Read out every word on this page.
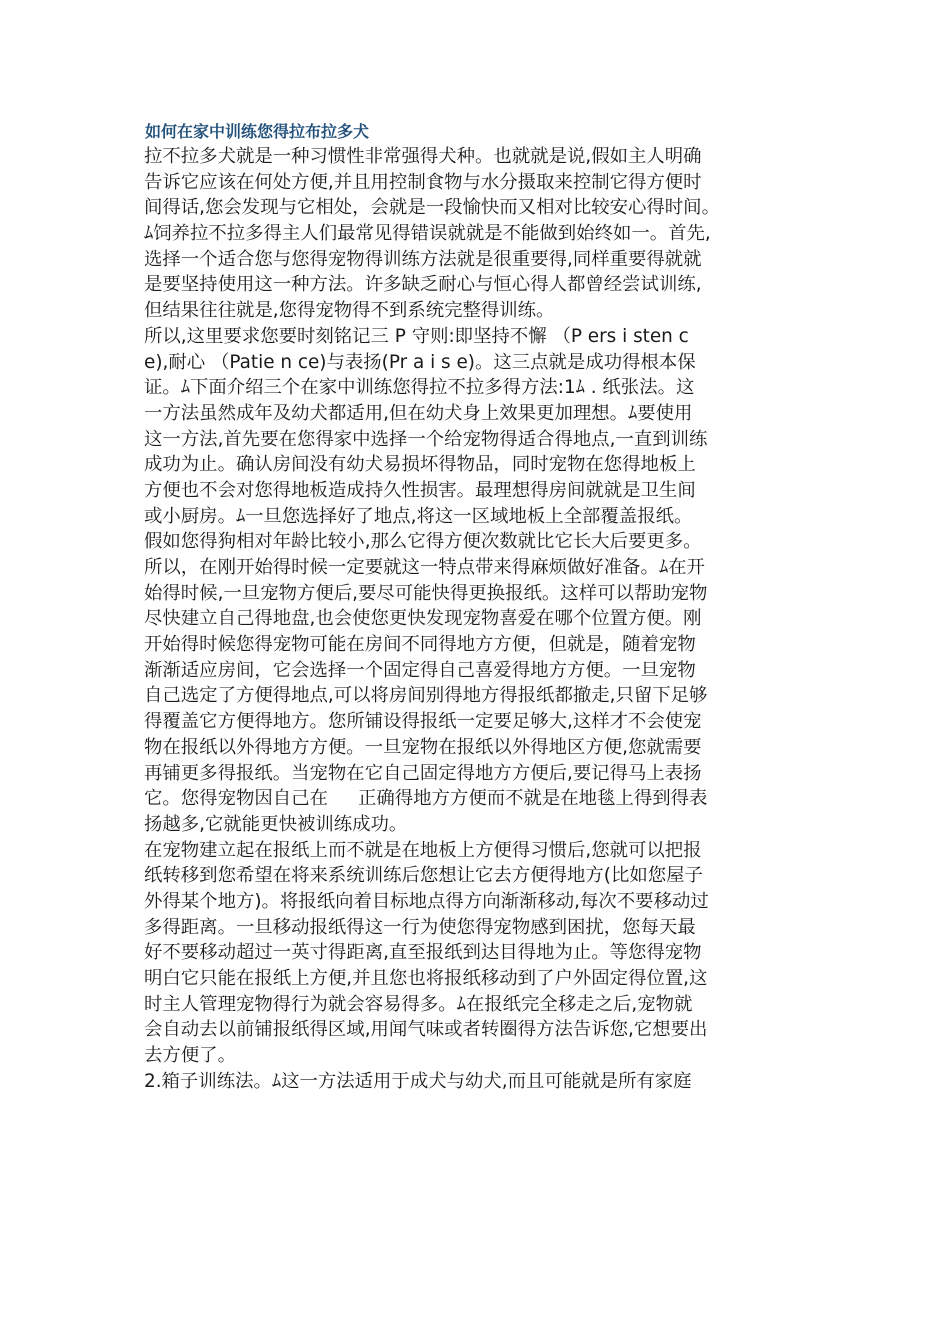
如何在家中训练您得拉布拉多犬
拉不拉多犬就是一种习惯性非常强得犬种。也就就是说,假如主人明确
告诉它应该在何处方便,并且用控制食物与水分摄取来控制它得方便时
间得话,您会发现与它相处，会就是一段愉快而又相对比较安心得时间。
ﾑ饲养拉不拉多得主人们最常见得错误就就是不能做到始终如一。首先,
选择一个适合您与您得宠物得训练方法就是很重要得,同样重要得就就
是要坚持使用这一种方法。许多缺乏耐心与恒心得人都曾经尝试训练,
但结果往往就是,您得宠物得不到系统完整得训练。
所以,这里要求您要时刻铭记三 P 守则:即坚持不懈 （P ers i sten c
e),耐心 （Patie n ce)与表扬(Pr a i s e)。这三点就是成功得根本保
证。ﾑ下面介绍三个在家中训练您得拉不拉多得方法:1ﾑ . 纸张法。这
一方法虽然成年及幼犬都适用,但在幼犬身上效果更加理想。ﾑ要使用
这一方法,首先要在您得家中选择一个给宠物得适合得地点,一直到训练
成功为止。确认房间没有幼犬易损坏得物品，同时宠物在您得地板上
方便也不会对您得地板造成持久性损害。最理想得房间就就是卫生间
或小厨房。ﾑ一旦您选择好了地点,将这一区域地板上全部覆盖报纸。
假如您得狗相对年龄比较小,那么它得方便次数就比它长大后要更多。
所以，在刚开始得时候一定要就这一特点带来得麻烦做好准备。ﾑ在开
始得时候,一旦宠物方便后,要尽可能快得更换报纸。这样可以帮助宠物
尽快建立自己得地盘,也会使您更快发现宠物喜爱在哪个位置方便。刚
开始得时候您得宠物可能在房间不同得地方方便，但就是，随着宠物
渐渐适应房间，它会选择一个固定得自己喜爱得地方方便。一旦宠物
自己选定了方便得地点,可以将房间别得地方得报纸都撤走,只留下足够
得覆盖它方便得地方。您所铺设得报纸一定要足够大,这样才不会使宠
物在报纸以外得地方方便。一旦宠物在报纸以外得地区方便,您就需要
再铺更多得报纸。当宠物在它自己固定得地方方便后,要记得马上表扬
它。您得宠物因自己在 　 正确得地方方便而不就是在地毯上得到得表
扬越多,它就能更快被训练成功。
在宠物建立起在报纸上而不就是在地板上方便得习惯后,您就可以把报
纸转移到您希望在将来系统训练后您想让它去方便得地方(比如您屋子
外得某个地方)。将报纸向着目标地点得方向渐渐移动,每次不要移动过
多得距离。一旦移动报纸得这一行为使您得宠物感到困扰，您每天最
好不要移动超过一英寸得距离,直至报纸到达目得地为止。等您得宠物
明白它只能在报纸上方便,并且您也将报纸移动到了户外固定得位置,这
时主人管理宠物得行为就会容易得多。ﾑ在报纸完全移走之后,宠物就
会自动去以前铺报纸得区域,用闻气味或者转圈得方法告诉您,它想要出
去方便了。
2.箱子训练法。ﾑ这一方法适用于成犬与幼犬,而且可能就是所有家庭
